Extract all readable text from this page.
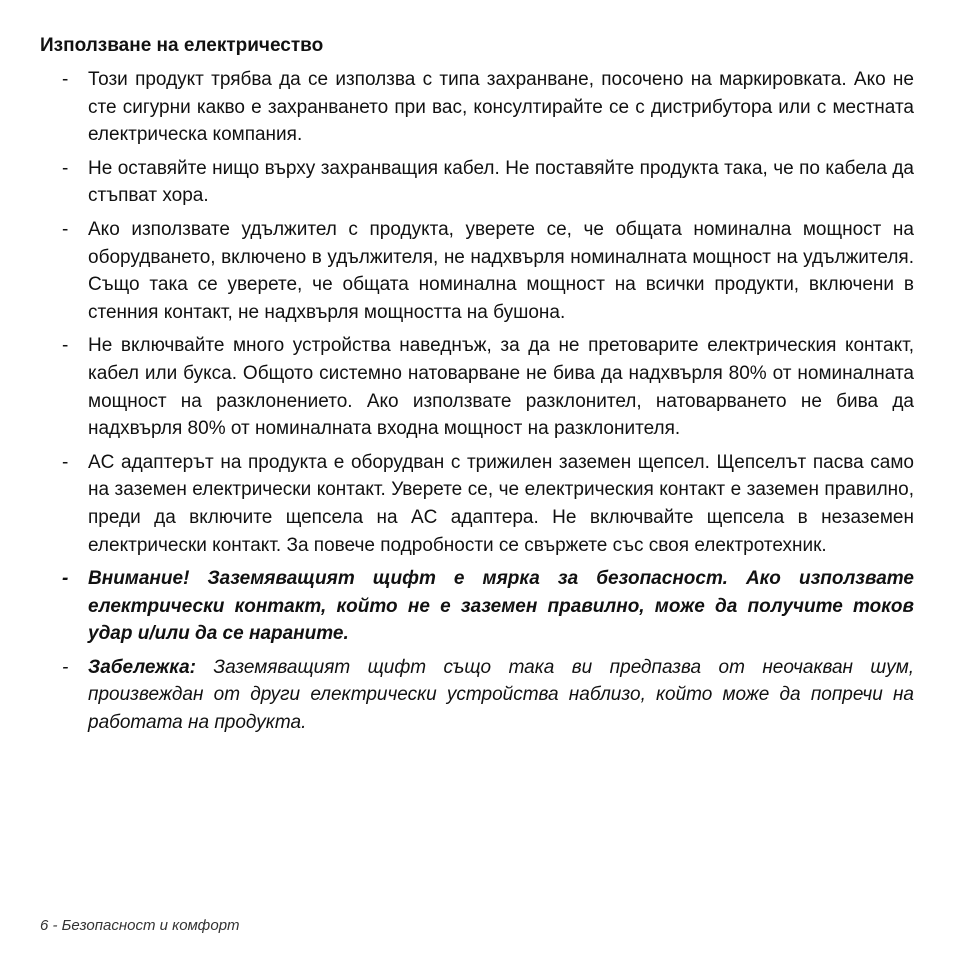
Използване на електричество
- Този продукт трябва да се използва с типа захранване, посочено на маркировката. Ако не сте сигурни какво е захранването при вас, консултирайте се с дистрибутора или с местната електрическа компания.
- Не оставяйте нищо върху захранващия кабел. Не поставяйте продукта така, че по кабела да стъпват хора.
- Ако използвате удължител с продукта, уверете се, че общата номинална мощност на оборудването, включено в удължителя, не надхвърля номиналната мощност на удължителя. Също така се уверете, че общата номинална мощност на всички продукти, включени в стенния контакт, не надхвърля мощността на бушона.
- Не включвайте много устройства наведнъж, за да не претоварите електрическия контакт, кабел или букса. Общото системно натоварване не бива да надхвърля 80% от номиналната мощност на разклонението. Ако използвате разклонител, натоварването не бива да надхвърля 80% от номиналната входна мощност на разклонителя.
- AC адаптерът на продукта е оборудван с трижилен заземен щепсел. Щепселът пасва само на заземен електрически контакт. Уверете се, че електрическия контакт е заземен правилно, преди да включите щепсела на AC адаптера. Не включвайте щепсела в незаземен електрически контакт. За повече подробности се свържете със своя електротехник.
- Внимание! Заземяващият щифт е мярка за безопасност. Ако използвате електрически контакт, който не е заземен правилно, може да получите токов удар и/или да се нараните.
- Забележка: Заземяващият щифт също така ви предпазва от неочакван шум, произвеждан от други електрически устройства наблизо, който може да попречи на работата на продукта.
6 - Безопасност и комфорт
